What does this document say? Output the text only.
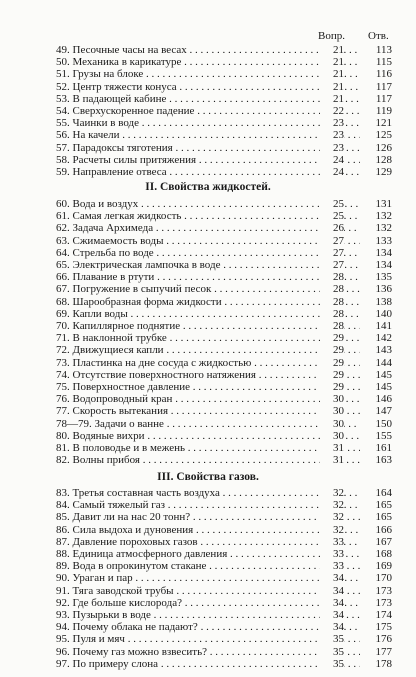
Вопр. Отв.
49. Песочные часы на весах . . .	21	113
50. Механика в карикатуре . . .	21	115
51. Грузы на блоке . . .	21	116
52. Центр тяжести конуса . . .	21	117
53. В падающей кабине . . .	21	117
54. Сверхускоренное падение . . .	22	119
55. Чаинки в воде . . .	23	121
56. На качели . . .	23	125
57. Парадоксы тяготения . . .	23	126
58. Расчеты силы притяжения . . .	24	128
59. Направление отвеса . . .	24	129
II. Свойства жидкостей.
60. Вода и воздух . . .	25	131
61. Самая легкая жидкость . . .	25	132
62. Задача Архимеда . . .	26	132
63. Сжимаемость воды . . .	27	133
64. Стрельба по воде . . .	27	134
65. Электрическая лампочка в воде . . .	27	134
66. Плавание в ртути . . .	28	135
67. Погружение в сыпучий песок . . .	28	136
68. Шарообразная форма жидкости . . .	28	138
69. Капли воды . . .	28	140
70. Капиллярное поднятие . . .	28	141
71. В наклонной трубке . . .	29	142
72. Движущиеся капли . . .	29	143
73. Пластинка на дне сосуда с жидкостью . . .	29	144
74. Отсутствие поверхностного натяжения . . .	29	145
75. Поверхностное давление . . .	29	145
76. Водопроводный кран . . .	30	146
77. Скорость вытекания . . .	30	147
78—79. Задачи о ванне . . .	30	150
80. Водяные вихри . . .	30	155
81. В половодье и в межень . . .	31	161
82. Волны прибоя . . .	31	163
III. Свойства газов.
83. Третья составная часть воздуха . . .	32	164
84. Самый тяжелый газ . . .	32	165
85. Давит ли на нас 20 тонн? . . .	32	165
86. Сила выдоха и дуновения . . .	32	166
87. Давление пороховых газов . . .	33	167
88. Единица атмосферного давления . . .	33	168
89. Вода в опрокинутом стакане . . .	33	169
90. Ураган и пар . . .	34	170
91. Тяга заводской трубы . . .	34	173
92. Где больше кислорода? . . .	34	173
93. Пузырьки в воде . . .	34	174
94. Почему облака не падают? . . .	34	175
95. Пуля и мяч . . .	35	176
96. Почему газ можно взвесить? . . .	35	177
97. По примеру слона . . .	35	178
